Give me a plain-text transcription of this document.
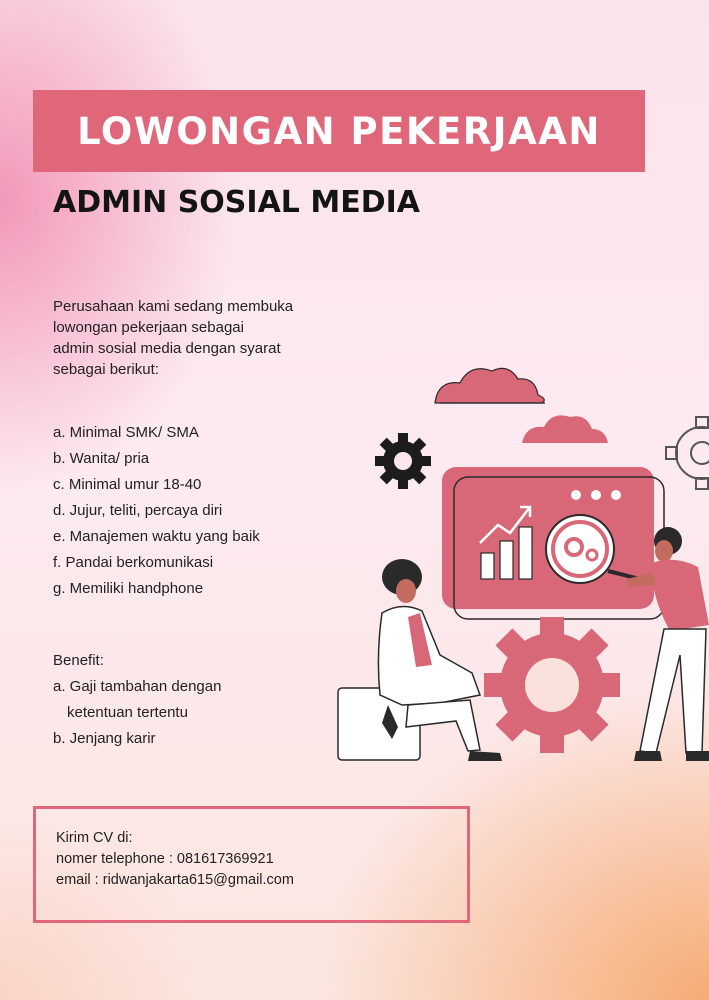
LOWONGAN PEKERJAAN
ADMIN SOSIAL MEDIA
Perusahaan kami sedang membuka
lowongan pekerjaan sebagai
admin sosial media dengan syarat
sebagai berikut:
a. Minimal SMK/ SMA
b. Wanita/ pria
c. Minimal umur 18-40
d. Jujur, teliti, percaya diri
e. Manajemen waktu yang baik
f. Pandai berkomunikasi
g. Memiliki handphone
Benefit:
a. Gaji tambahan dengan
ketentuan tertentu
b. Jenjang karir
Kirim CV di:
nomer telephone : 081617369921
email : ridwanjakarta615@gmail.com
